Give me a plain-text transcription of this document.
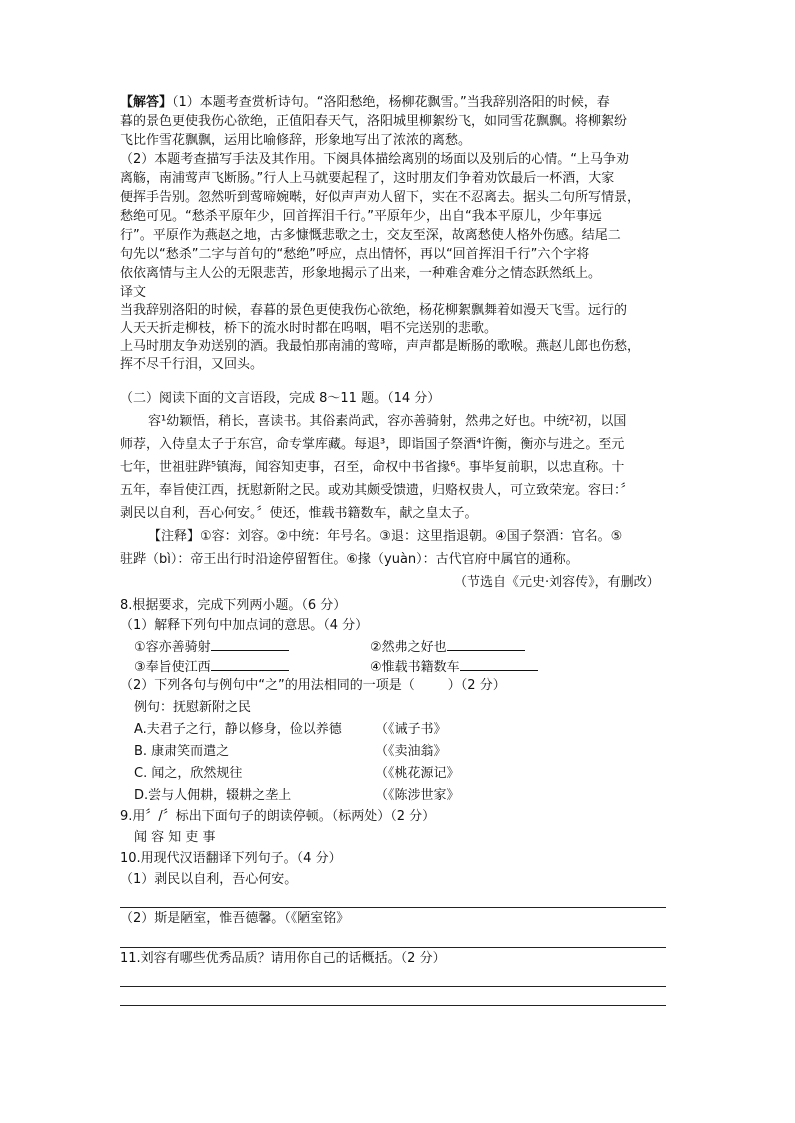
【解答】（1）本题考查赏析诗句。“洛阳愁绝，杨柳花飘雪。”当我辞别洛阳的时候，春
暮的景色更使我伤心欲绝，正值阳春天气，洛阳城里柳絮纷飞，如同雪花飘飘。将柳絮纷
飞比作雪花飘飘，运用比喻修辞，形象地写出了浓浓的离愁。
（2）本题考查描写手法及其作用。下阕具体描绘离别的场面以及别后的心情。“上马争劝
离觞，南浦莺声飞断肠。”行人上马就要起程了，这时朋友们争着劝饮最后一杯酒，大家
便挥手告别。忽然听到莺啼婉啭，好似声声劝人留下，实在不忍离去。据头二句所写情景，
愁绝可见。“愁杀平原年少，回首挥泪千行。”平原年少，出自“我本平原儿，少年事远
行”。平原作为燕赵之地，古多慷慨悲歌之士，交友至深，故离愁使人格外伤感。结尾二
句先以“愁杀”二字与首句的“愁绝”呼应，点出情怀，再以“回首挥泪千行”六个字将
依依离情与主人公的无限悲苦，形象地揭示了出来，一种难舍难分之情态跃然纸上。
译文
当我辞别洛阳的时候，春暮的景色更使我伤心欲绝，杨花柳絮飘舞着如漫天飞雪。远行的
人天天折走柳枝，桥下的流水时时都在呜咽，唱不完送别的悲歌。
上马时朋友争劝送别的酒。我最怕那南浦的莺啼，声声都是断肠的歌喉。燕赵儿郎也伤愁，
挥不尽千行泪，又回头。
（二）阅读下面的文言语段，完成 8～11 题。（14 分）
容¹幼颖悟，稍长，喜读书。其俗素尚武，容亦善骑射，然弗之好也。中统²初，以国
师荐，入侍皇太子于东宫，命专掌库藏。每退³，即诣国子祭酒⁴许衡，衡亦与进之。至元
七年，世祖驻跸⁵镇海，闻容知吏事，召至，命权中书省掾⁶。事毕复前职，以忠直称。十
五年，奉旨使江西，抚慰新附之民。或劝其颇受馈遗，归赂权贵人，可立致荣宠。容曰：〞
剥民以自利，吾心何安。〞使还，惟载书籍数车，献之皇太子。
【注释】①容：刘容。②中统：年号名。③退：这里指退朝。④国子祭酒：官名。⑤
驻跸（bì）：帝王出行时沿途停留暂住。⑥掾（yuàn）：古代官府中属官的通称。
（节选自《元史·刘容传》，有删改）
8.根据要求，完成下列两小题。（6 分）
（1）解释下列句中加点词的意思。（4 分）
①容亦善骑射	②然弗之好也
③奉旨使江西	④惟载书籍数车
（2）下列各句与例句中“之”的用法相同的一项是（        ）（2 分）
例句：抚慰新附之民
A.夫君子之行，静以修身，俭以养德	（《诫子书》
B. 康肃笑而遣之	（《卖油翁》
C. 闻之，欣然规往	（《桃花源记》
D.尝与人佣耕，辍耕之垄上	（《陈涉世家》
9.用〞/〞标出下面句子的朗读停顿。（标两处）（2 分）
闻 容 知 吏 事
10.用现代汉语翻译下列句子。（4 分）
（1）剥民以自利，吾心何安。
（2）斯是陋室，惟吾德馨。（《陋室铭》
11.刘容有哪些优秀品质？请用你自己的话概括。（2 分）
